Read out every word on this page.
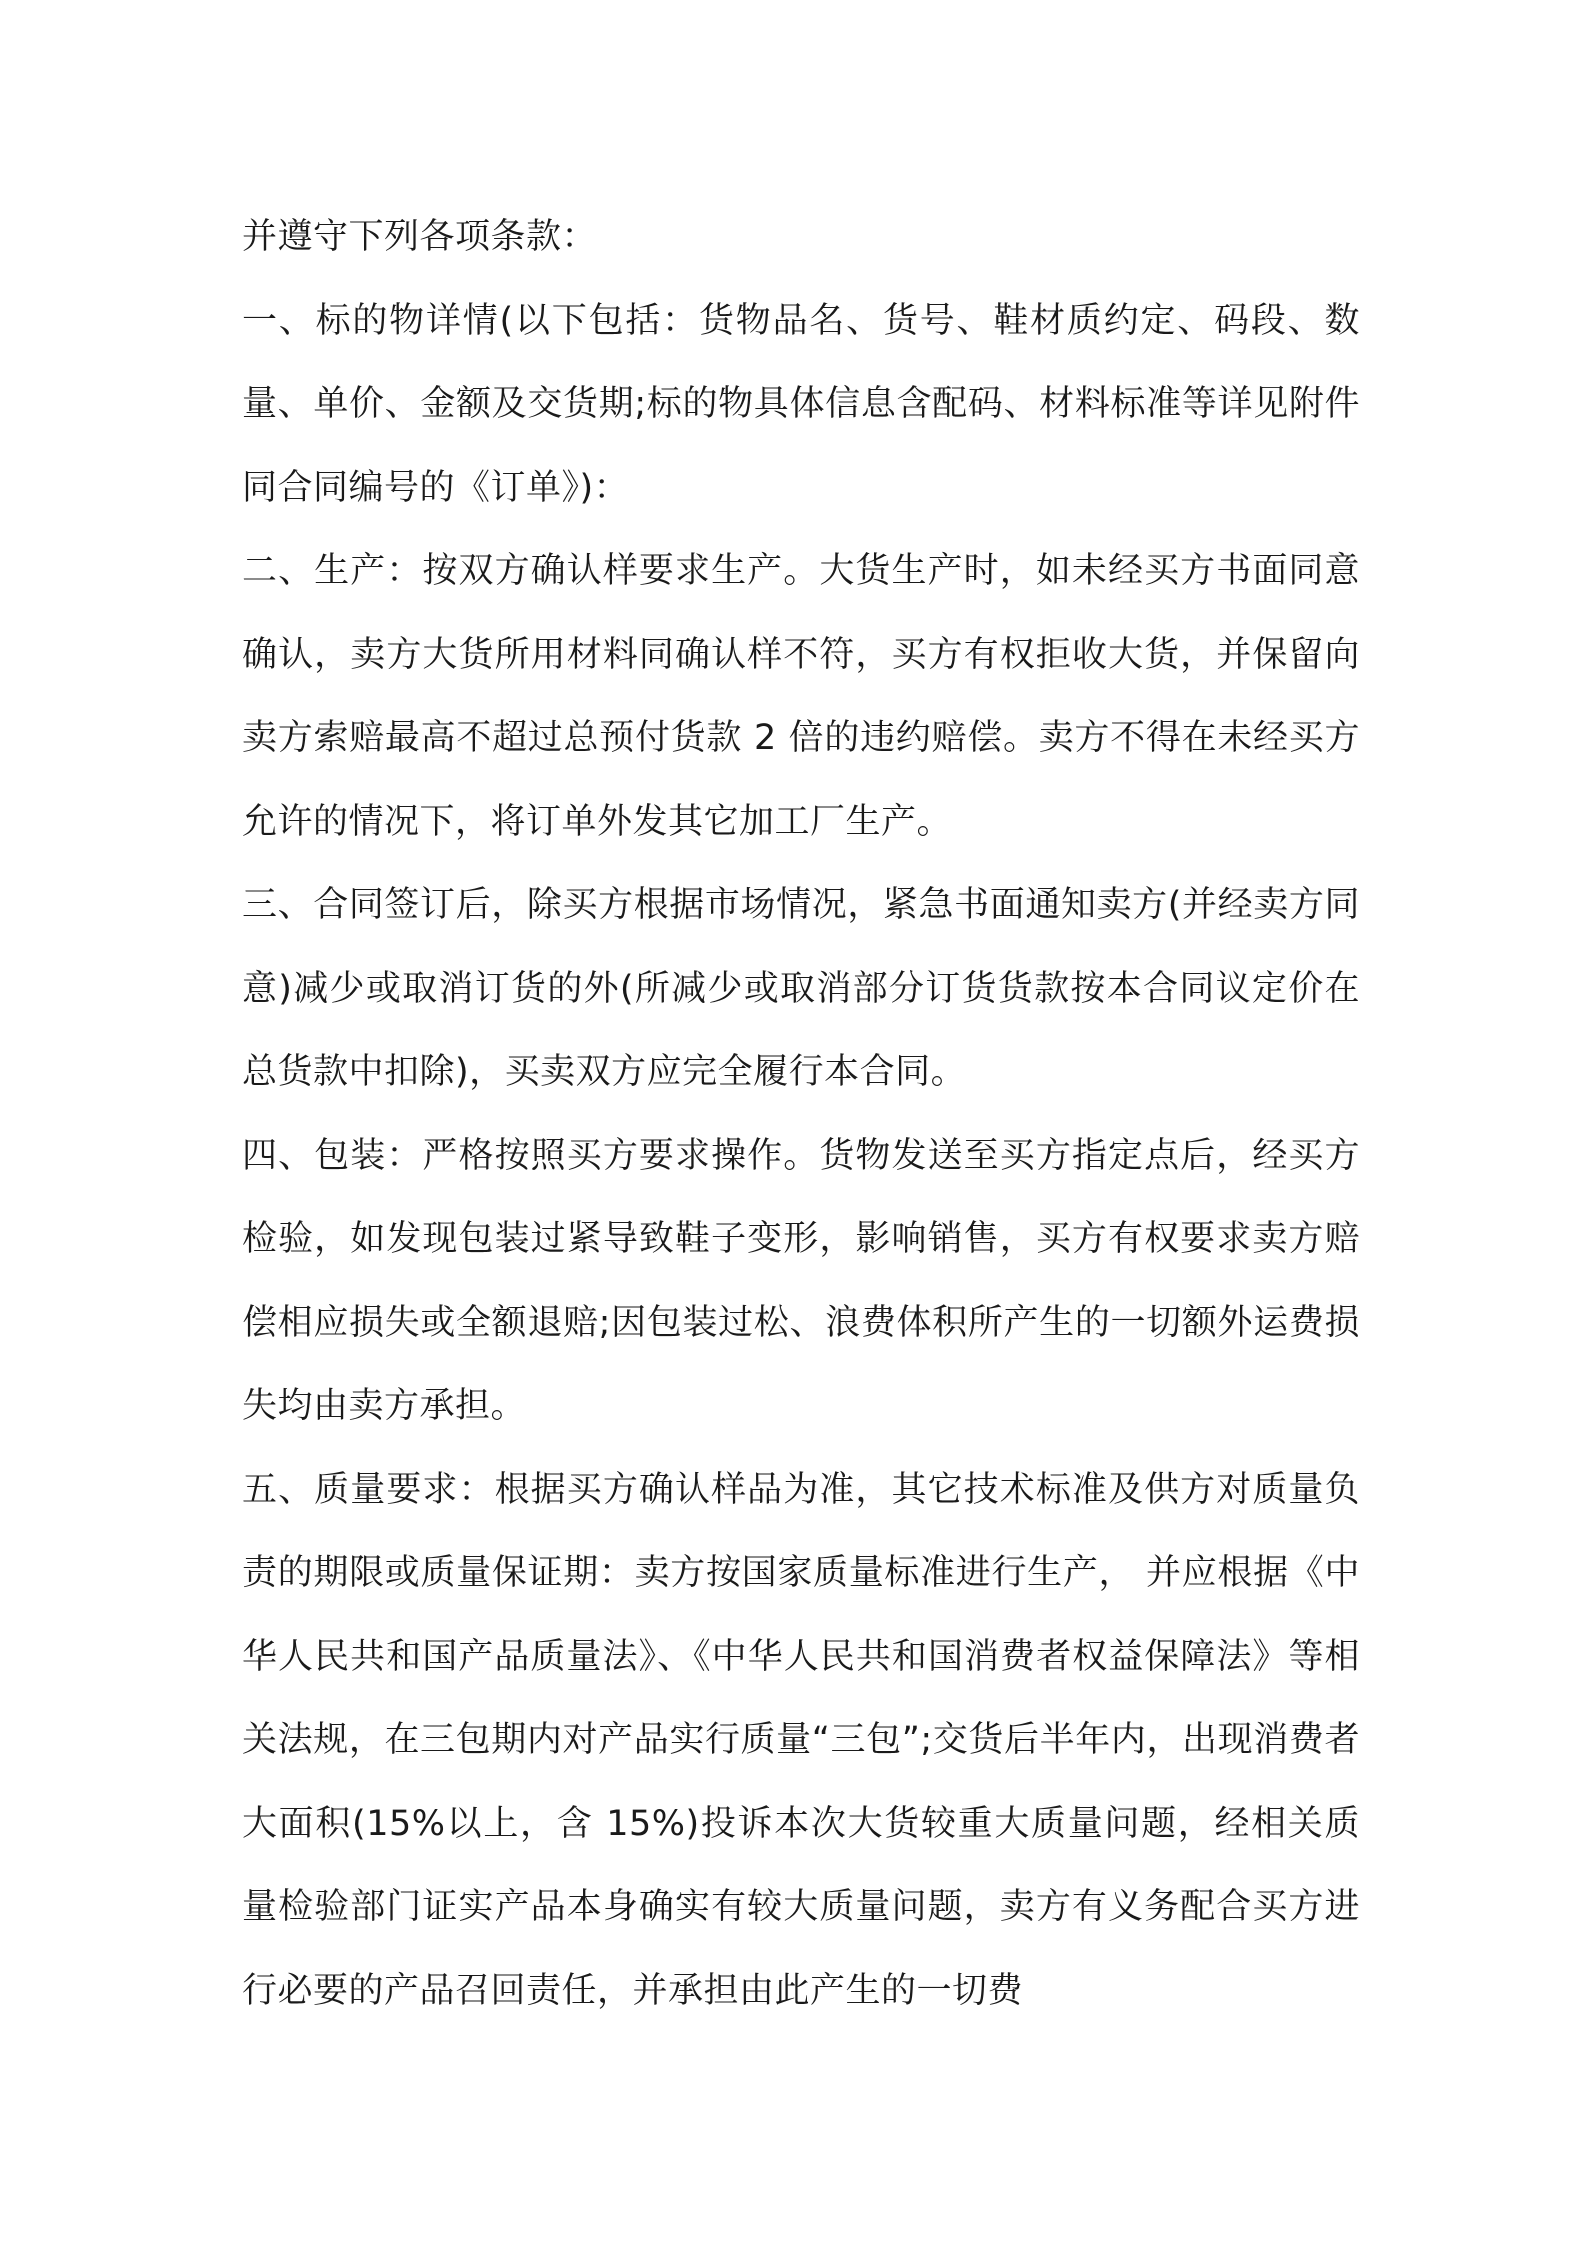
并遵守下列各项条款：

一、标的物详情(以下包括：货物品名、货号、鞋材质约定、码段、数量、单价、金额及交货期;标的物具体信息含配码、材料标准等详见附件同合同编号的《订单》)：

二、生产：按双方确认样要求生产。大货生产时，如未经买方书面同意确认，卖方大货所用材料同确认样不符，买方有权拒收大货，并保留向卖方索赔最高不超过总预付货款 2 倍的违约赔偿。卖方不得在未经买方允许的情况下，将订单外发其它加工厂生产。

三、合同签订后，除买方根据市场情况，紧急书面通知卖方(并经卖方同意)减少或取消订货的外(所减少或取消部分订货货款按本合同议定价在总货款中扣除)，买卖双方应完全履行本合同。

四、包装：严格按照买方要求操作。货物发送至买方指定点后，经买方检验，如发现包装过紧导致鞋子变形，影响销售，买方有权要求卖方赔偿相应损失或全额退赔;因包装过松、浪费体积所产生的一切额外运费损失均由卖方承担。

五、质量要求：根据买方确认样品为准，其它技术标准及供方对质量负责的期限或质量保证期：卖方按国家质量标准进行生产， 并应根据《中华人民共和国产品质量法》、《中华人民共和国消费者权益保障法》等相关法规，在三包期内对产品实行质量“三包”;交货后半年内，出现消费者大面积(15%以上，含 15%)投诉本次大货较重大质量问题，经相关质量检验部门证实产品本身确实有较大质量问题，卖方有义务配合买方进行必要的产品召回责任，并承担由此产生的一切费
